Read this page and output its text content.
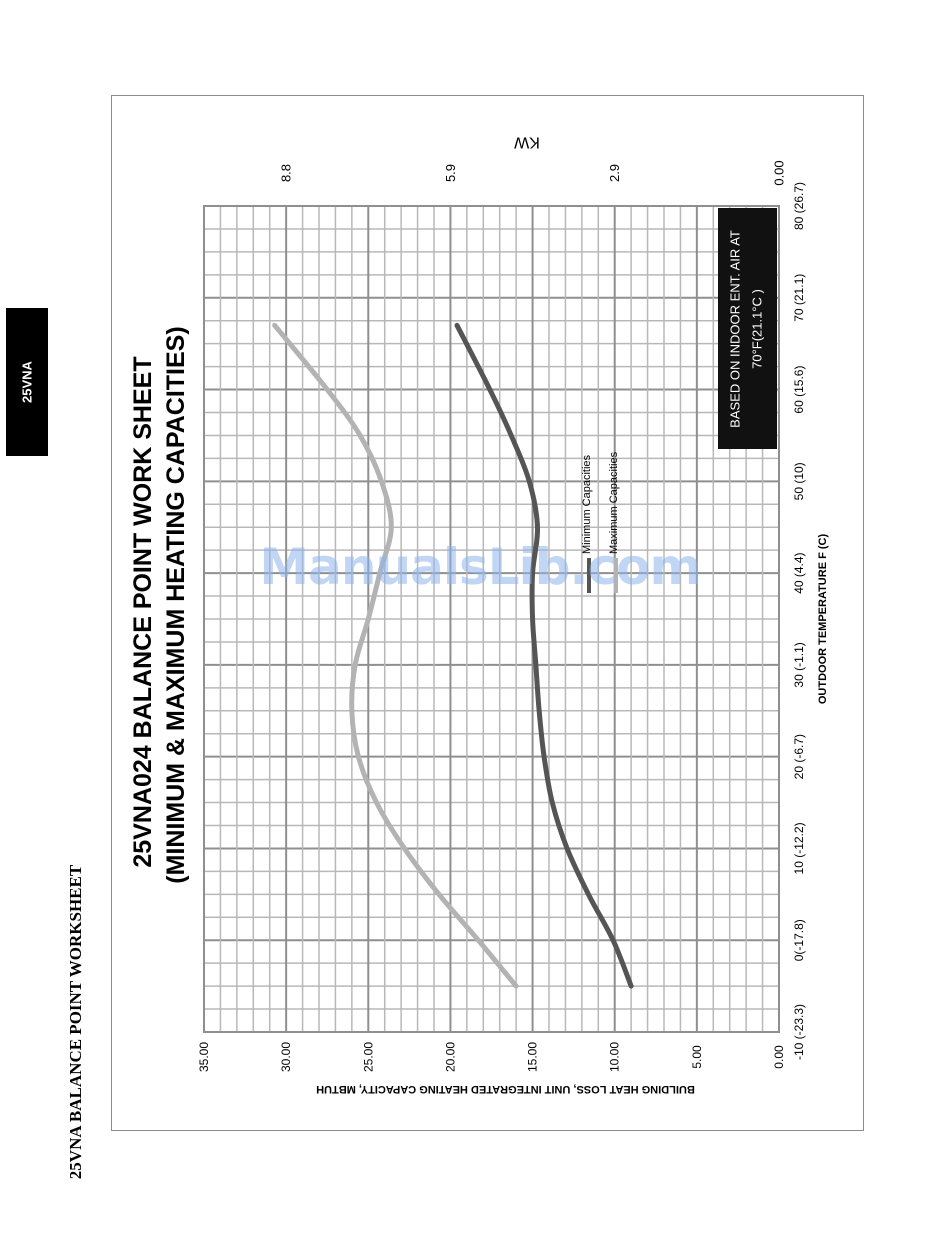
25VNA
25VNA BALANCE POINT WORKSHEET	-10 (-23.3)
0(-17.8)
10 (-12.2)
20 (-6.7)
30 (-1.1)
40 (4.4)
50 (10)
60 (15.6)
70 (21.1)
80 (26.7)
0.00
5.00
10.00
15.00
20.00
25.00
30.00
35.00
0.00
2.9
5.9
8.8
OUTDOOR TEMPERATURE F (C)
BUILDING HEAT LOSS, UNIT INTEGRATED HEATING CAPACITY, MBTUH
KW
25VNA024 BALANCE POINT WORK SHEET (MINIMUM & MAXIMUM HEATING CAPACITIES)	BASED ON INDOOR ENT. AIR AT 70°F(21.1°C )
Minimum Capacities Maximum Capacities
ManualsLib.com
